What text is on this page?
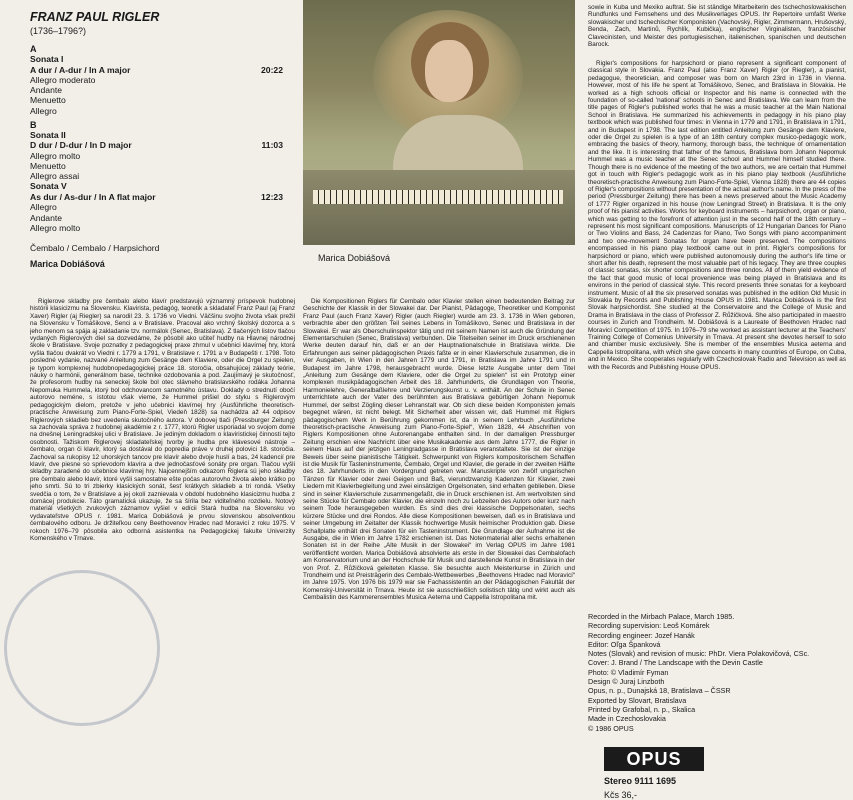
FRANZ PAUL RIGLER
(1736–1796?)
A
Sonata I
A dur / A-dur / In A major	20:22
Allegro moderato
Andante
Menuetto
Allegro
B
Sonata II
D dur / D-dur / In D major	11:03
Allegro molto
Menuetto
Allegro assai
Sonata V
As dur / As-dur / In A flat major	12:23
Allegro
Andante
Allegro molto
Čembalo / Cembalo / Harpsichord
Marica Dobiášová

Riglerove skladby pre čembalo alebo klavír predstavujú významný príspevok hudobnej histórii klasicizmu na Slovensku. Klavirista, pedagóg, teoretik a skladateľ Franz Paul (aj Franz Xaver) Rigler (aj Riegler) sa narodil 23. 3. 1736 vo Viedni. Väčšinu svojho života však prežil na Slovensku v Tomášikove, Senci a v Bratislave. Pracoval ako vrchný školský dozorca a s jeho menom sa spája aj zakladanie tzv. normálok (Senec, Bratislava). Z tlačených listov tlačou vydaných Riglerových diel sa dozvedáme, že pôsobil ako učiteľ hudby na Hlavnej národnej škole v Bratislave. Svoje poznatky z pedagogickej praxe zhrnul v učebnici klavírnej hry, ktorá vyšla tlačou dvakrát vo Viedni r. 1779 a 1791, v Bratislave r. 1791 a v Budapešti r. 1798. Toto posledné vydanie, nazvané Anleitung zum Gesänge dem Klaviere, oder die Orgel zu spielen, je typom komplexnej hudobnopedagogickej práce 18. storočia, obsahujúcej základy teórie, náuky o harmónii, generálnom base, technike ozdobovania a pod. Zaujímavý je skutočnosť, že profesorom hudby na seneckej škole bol otec slávneho bratislavského rodáka Johanna Nepomuka Hummela, ktorý bol odchovancom samotného ústavu. Doklady o strednutí obočí autorovo neméne, s istotou však vieme, že Hummel prišiel do styku s Riglerovým pedagogickým dielom, pretože v jeho učebnici klavírnej hry (Ausführliche theoretisch-practische Anweisung zum Piano-Forte-Spiel, Viedeň 1828) sa nachádza až 44 odpisov Riglerových skladieb bez uvedenia skutočného autora. V dobovej tlači (Pressburger Zeitung) sa zachovala správa z hudobnej akadémie z r. 1777, ktorú Rigler usporiadal vo svojom dome na dnešnej Leningradskej ulici v Bratislave. Je jediným dokladom o klaviristickej činnosti tejto osobnosti. Tažiskom Riglerovej skladateľskej tvorby je hudba pre klávesové nástroje – čembalo, organ či klavír, ktorý sa dostával do popredia práve v druhej polovici 18. storočia. Zachoval sa rukopisy 12 uhorských tancov pre klavír alebo dvoje huslí a bas, 24 kadencií pre klavír, dve piesne so sprievodom klavíra a dve jednočasťové sonáty pre organ. Tlačou vyšli skladby zaradené do učebnice klavírnej hry. Najcennejším odkazom Riglera sú jeho skladby pre čembalo alebo klavír, ktoré vyšli samostatne ešte počas autorovho života alebo krátko po jeho smrti. Sú to tri zbierky klasických sonát, šesť krátkych skladieb a tri rondá. Všetky svedčia o tom, že v Bratislave a jej okolí zaznievala v období hudobného klasicizmu hudba z domácej produkcie. Táto gramatická ukazuje, že sa šírila bez viditeľného rozdielu. Notový materiál všetkých zvukových záznamov vyšiel v edícii Stará hudba na Slovensku vo vydavateľstve OPUS r. 1981. Marica Dobiášová je prvou slovenskou absolventkou čembalového odboru. Je držiteľkou ceny Beethovenov Hradec nad Moravicí z roku 1975. V rokoch 1976–79 pôsobila ako odborná asistentka na Pedagogickej fakulte Univerzity Komenského v Trnave.

Marica Dobiášová

Die Kompositionen Riglers für Cembalo oder Klavier stellen einen bedeutenden Beitrag zur Geschichte der Klassik in der Slowakei dar. Der Pianist, Pädagoge, Theoretiker und Komponist Franz Paul (auch Franz Xaver) Rigler (auch Riegler) wurde am 23. 3. 1736 in Wien geboren, verbrachte aber den größten Teil seines Lebens in Tomášikovo, Senec und Bratislava in der Slowakei. Er war als Oberschulinspektor tätig und mit seinem Namen ist auch die Gründung der Elementarschulen (Senec, Bratislava) verbunden. Die Titelseiten seiner im Druck erschienenen Werke deuten darauf hin, daß er an der Hauptnationalschule in Bratislava wirkte. Die Erfahrungen aus seiner pädagogischen Praxis faßte er in einer Klavierschule zusammen, die in vier Ausgaben, in Wien in den Jahren 1779 und 1791, in Bratislava im Jahre 1791 und in Budapest im Jahre 1798, herausgebracht wurde. Diese letzte Ausgabe unter dem Titel „Anleitung zum Gesänge dem Klaviere, oder die Orgel zu spielen“ ist ein Prototyp einer komplexen musikpädagogischen Arbeit des 18. Jahrhunderts, die Grundlagen von Theorie, Harmonielehre, Generalbaßlehre und Verzierungskunst u. v. enthält. An der Schule in Senec unterrichtete auch der Vater des berühmten aus Bratislava gebürtigen Johann Nepomuk Hummel, der selbst Zögling dieser Lehranstalt war. Ob sich diese beiden Komponisten jemals begegnet wären, ist nicht belegt. Mit Sicherheit aber wissen wir, daß Hummel mit Riglers pädagogischem Werk in Berührung gekommen ist, da in seinem Lehrbuch „Ausführliche theoretisch-practische Anweisung zum Piano-Forte-Spiel“, Wien 1828, 44 Abschriften von Riglers Kompositionen ohne Autorenangabe enthalten sind. In der damaligen Pressburger Zeitung erschien eine Nachricht über eine Musikakademie aus dem Jahre 1777, die Rigler in seinem Haus auf der jetzigen Leningradgasse in Bratislava veranstaltete. Sie ist der einzige Beweis über seine pianistische Tätigkeit. Schwerpunkt von Riglers kompositorischem Schaffen ist die Musik für Tasteninstrumente, Cembalo, Orgel und Klavier, die gerade in der zweiten Hälfte des 18. Jahrhunderts in den Vordergrund getreten war. Manuskripte von zwölf ungarischen Tänzen für Klavier oder zwei Geigen und Baß, vierundzwanzig Kadenzen für Klavier, zwei Liedern mit Klavierbegleitung und zwei einsätzigen Orgelsonaten, sind erhalten geblieben. Diese sind in seiner Klavierschule zusammengefaßt, die in Druck erschienen ist. Am wertvollsten sind seine Stücke für Cembalo oder Klavier, die einzeln noch zu Lebzeiten des Autors oder kurz nach seinem Tode herausgegeben wurden. Es sind dies drei klassische Doppelsonaten, sechs kürzere Stücke und drei Rondos. Alle diese Kompositionen beweisen, daß es in Bratislava und seiner Umgebung im Zeitalter der Klassik hochwertige Musik heimischer Produktion gab. Diese Schallplatte enthält drei Sonaten für ein Tasteninstrument. Die Grundlage der Aufnahme ist die Ausgabe, die in Wien im Jahre 1782 erschienen ist. Das Notenmaterial aller sechs erhaltenen Sonaten ist in der Reihe „Alte Musik in der Slowakei“ im Verlag OPUS im Jahre 1981 veröffentlicht worden. Marica Dobiášová absolvierte als erste in der Slowakei das Cembalofach am Konservatorium und an der Hochschule für Musik und darstellende Kunst in Bratislava in der von Prof. Z. Růžičková geleiteten Klasse. Sie besuchte auch Meisterkurse in Zürich und Trondheim und ist Preisträgerin des Cembalo-Wettbewerbes „Beethovens Hradec nad Moravicí“ im Jahre 1975. Von 1976 bis 1979 war sie Fachassistentin an der Pädagogischen Fakultät der Komenský-Universität in Trnava. Heute ist sie ausschließlich solistisch tätig und wirkt auch als Cembalistin des Kammerensembles Musica Aeterna und Cappella Istropolitana mit.

sowie in Kuba und Mexiko auftrat. Sie ist ständige Mitarbeiterin des tschechoslowakischen Rundfunks und Fernsehens und des Musikverlages OPUS. Ihr Repertoire umfaßt Werke slowakischer und tschechischer Komponisten (Vachovský, Rigler, Zimmermann, Hrušovský, Benda, Zach, Martinů, Rychlík, Kubička), englischer Virginalisten, französischer Clavecinisten, und Meister des portugiesischen, italienischen, spanischen und deutschen Barock.

Rigler's compositions for harpsichord or piano represent a significant component of classical style in Slovakia. Franz Paul (also Franz Xaver) Rigler (or Riegler), a pianist, pedagogue, theoretician, and composer was born on March 23rd in 1736 in Vienna. However, most of his life he spent at Tomášikovo, Senec, and Bratislava in Slovakia. He worked as a high schools official or Inspector and his name is connected with the foundation of so-called 'national' schools in Senec and Bratislava. We can learn from the title pages of Rigler's published works that he was a music teacher at the Main National School in Bratislava. He summarized his achievements in pedagogy in his piano play textbook which was published four times: in Vienna in 1779 and 1791, in Bratislava in 1791, and in Budapest in 1798. The last edition entitled Anleitung zum Gesänge dem Klaviere, oder die Orgel zu spielen is a type of an 18th century complex musico-pedagogic work, embracing the basics of theory, harmony, thorough bass, the technique of ornamentation and the like. It is interesting that father of the famous, Bratislava born Johann Nepomuk Hummel was a music teacher at the Senec school and Hummel himself studied there. Though there is no evidence of the meeting of the two authors, we are certain that Hummel got in touch with Rigler's pedagogic work as in his piano play textbook (Ausführliche theoretisch-practische Anweisung zum Piano-Forte-Spiel, Vienna 1828) there are 44 copies of Rigler's compositions without presentation of the actual author's name. In the press of the period (Pressburger Zeitung) there has been a news preserved about the Music Academy of 1777 Rigler organized in his house (now Leningrad Street) in Bratislava. It is the only proof of his pianist activities. Works for keyboard instruments – harpsichord, organ or piano, which was getting to the forefront of attention just in the second half of the 18th century – represent his most significant compositions. Manuscripts of 12 Hungarian Dances for Piano or Two Violins and Bass, 24 Cadenzas for Piano, Two Songs with piano accompaniment and two one-movement Sonatas for organ have been preserved. The compositions encompassed in his piano play textbook came out in print. Rigler's compositions for harpsichord or piano, which were published autonomously during the author's life time or short after his death, represent the most valuable part of his legacy. They are three couples of classic sonatas, six shorter compositions and three rondos. All of them yield evidence of the fact that good music of local provenience was being played in Bratislava and its environs in the period of classical style. This record presents three sonatas for a keyboard instrument. Music of all the six preserved sonatas was published in the edition Old Music in Slovakia by Records and Publishing House OPUS in 1981. Marica Dobiášová is the first Slovak harpsichordist. She studied at the Conservatoire and the College of Music and Drama in Bratislava in the class of Professor Z. Růžičková. She also participated in maestro courses in Zurich and Trondheim. M. Dobiášová is a Laureate of Beethoven Hradec nad Moravicí Competition of 1975. In 1976–79 she worked as assistant lecturer at the Teachers' Training College of Comenius University in Trnava. At present she devotes herself to solo and chamber music exclusively. She is member of the ensembles Musica aeterna and Cappella Istropolitana, with which she gave concerts in many countries of Europe, on Cuba, and in Mexico. She cooperates regularly with Czechoslovak Radio and Television as well as with the Records and Publishing House OPUS.

Recorded in the Mirbach Palace, March 1985.
Recording supervision: Leoš Komárek
Recording engineer: Jozef Hanák
Editor: Oľga Španková
Notes (Slovak) and revision of music: PhDr. Viera Polakovičová, CSc.
Cover: J. Brand / The Landscape with the Devin Castle
Photo: © Vladimír Fyman
Design © Juraj Linzboth
Opus, n. p., Dunajská 18, Bratislava – ČSSR
Exported by Slovart, Bratislava
Printed by Grafobal, n. p., Skalica
Made in Czechoslovakia
© 1986 OPUS
OPUS
Stereo 9111 1695
Kčs 36,-
